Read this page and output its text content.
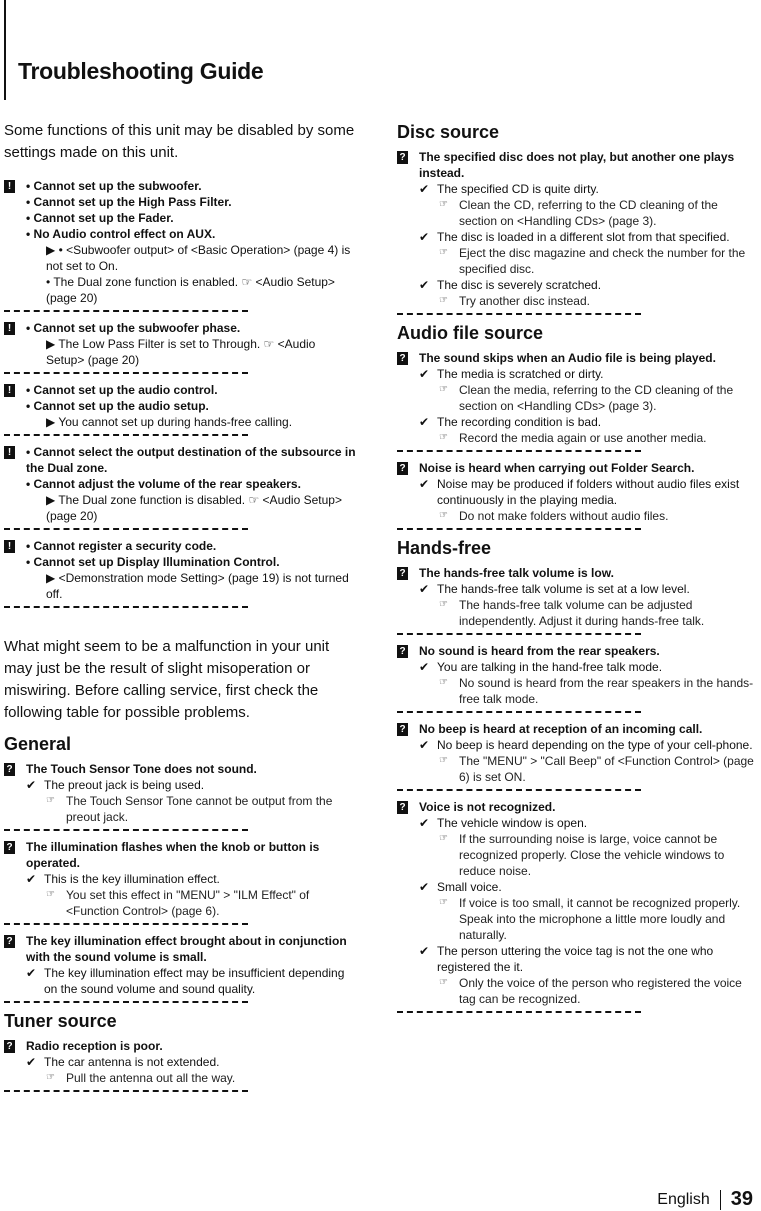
Troubleshooting Guide
Some functions of this unit may be disabled by some settings made on this unit.
!	• Cannot set up the subwoofer.
• Cannot set up the High Pass Filter.
• Cannot set up the Fader.
• No Audio control effect on AUX.
▶ • <Subwoofer output> of <Basic Operation> (page 4) is not set to On.
• The Dual zone function is enabled. ☞ <Audio Setup> (page 20)
!	• Cannot set up the subwoofer phase.
▶ The Low Pass Filter is set to Through. ☞ <Audio Setup> (page 20)
!	• Cannot set up the audio control.
• Cannot set up the audio setup.
▶ You cannot set up during hands-free calling.
!	• Cannot select the output destination of the subsource in the Dual zone.
• Cannot adjust the volume of the rear speakers.
▶ The Dual zone function is disabled. ☞ <Audio Setup> (page 20)
!	• Cannot register a security code.
• Cannot set up Display Illumination Control.
▶ <Demonstration mode Setting> (page 19) is not turned off.
What might seem to be a malfunction in your unit may just be the result of slight misoperation or miswiring. Before calling service, first check the following table for possible problems.
General
? The Touch Sensor Tone does not sound.
✔ The preout jack is being used.
☞ The Touch Sensor Tone cannot be output from the preout jack.
? The illumination flashes when the knob or button is operated.
✔ This is the key illumination effect.
☞ You set this effect in "MENU" > "ILM Effect" of <Function Control> (page 6).
? The key illumination effect brought about in conjunction with the sound volume is small.
✔ The key illumination effect may be insufficient depending on the sound volume and sound quality.
Tuner source
? Radio reception is poor.
✔ The car antenna is not extended.
☞ Pull the antenna out all the way.
Disc source
? The specified disc does not play, but another one plays instead.
✔ The specified CD is quite dirty.
☞ Clean the CD, referring to the CD cleaning of the section on <Handling CDs> (page 3).
✔ The disc is loaded in a different slot from that specified.
☞ Eject the disc magazine and check the number for the specified disc.
✔ The disc is severely scratched.
☞ Try another disc instead.
Audio file source
? The sound skips when an Audio file is being played.
✔ The media is scratched or dirty.
☞ Clean the media, referring to the CD cleaning of the section on <Handling CDs> (page 3).
✔ The recording condition is bad.
☞ Record the media again or use another media.
? Noise is heard when carrying out Folder Search.
✔ Noise may be produced if folders without audio files exist continuously in the playing media.
☞ Do not make folders without audio files.
Hands-free
? The hands-free talk volume is low.
✔ The hands-free talk volume is set at a low level.
☞ The hands-free talk volume can be adjusted independently. Adjust it during hands-free talk.
? No sound is heard from the rear speakers.
✔ You are talking in the hand-free talk mode.
☞ No sound is heard from the rear speakers in the hands-free talk mode.
? No beep is heard at reception of an incoming call.
✔ No beep is heard depending on the type of your cell-phone.
☞ The "MENU" > "Call Beep" of <Function Control> (page 6) is set ON.
? Voice is not recognized.
✔ The vehicle window is open.
☞ If the surrounding noise is large, voice cannot be recognized properly. Close the vehicle windows to reduce noise.
✔ Small voice.
☞ If voice is too small, it cannot be recognized properly. Speak into the microphone a little more loudly and naturally.
✔ The person uttering the voice tag is not the one who registered the it.
☞ Only the voice of the person who registered the voice tag can be recognized.
English 39
